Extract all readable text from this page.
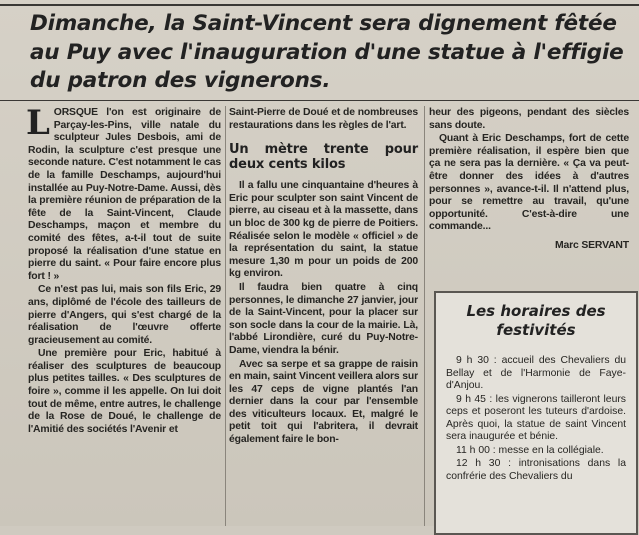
Dimanche, la Saint-Vincent sera dignement fêtée au Puy avec l'inauguration d'une statue à l'effigie du patron des vignerons.

LORSQUE l'on est originaire de Parçay-les-Pins, ville natale du sculpteur Jules Desbois, ami de Rodin, la sculpture c'est presque une seconde nature. C'est notamment le cas de la famille Deschamps, aujourd'hui installée au Puy-Notre-Dame. Aussi, dès la première réunion de préparation de la fête de la Saint-Vincent, Claude Deschamps, maçon et membre du comité des fêtes, a-t-il tout de suite proposé la réalisation d'une statue en pierre du saint. « Pour faire encore plus fort ! »

Ce n'est pas lui, mais son fils Eric, 29 ans, diplômé de l'école des tailleurs de pierre d'Angers, qui s'est chargé de la réalisation de l'œuvre offerte gracieusement au comité.

Une première pour Eric, habitué à réaliser des sculptures de beaucoup plus petites tailles. « Des sculptures de foire », comme il les appelle. On lui doit tout de même, entre autres, le challenge de la Rose de Doué, le challenge de l'Amitié des sociétés l'Avenir et

Saint-Pierre de Doué et de nombreuses restaurations dans les règles de l'art.

Un mètre trente pour deux cents kilos

Il a fallu une cinquantaine d'heures à Eric pour sculpter son saint Vincent de pierre, au ciseau et à la massette, dans un bloc de 300 kg de pierre de Poitiers. Réalisée selon le modèle « officiel » de la représentation du saint, la statue mesure 1,30 m pour un poids de 200 kg environ.

Il faudra bien quatre à cinq personnes, le dimanche 27 janvier, jour de la Saint-Vincent, pour la placer sur son socle dans la cour de la mairie. Là, l'abbé Lirondière, curé du Puy-Notre-Dame, viendra la bénir.

Avec sa serpe et sa grappe de raisin en main, saint Vincent veillera alors sur les 47 ceps de vigne plantés l'an dernier dans la cour par l'ensemble des viticulteurs locaux. Et, malgré le petit toit qui l'abritera, il devrait également faire le bon-

heur des pigeons, pendant des siècles sans doute.

Quant à Eric Deschamps, fort de cette première réalisation, il espère bien que ça ne sera pas la dernière. « Ça va peut-être donner des idées à d'autres personnes », avance-t-il. Il n'attend plus, pour se remettre au travail, qu'une opportunité. C'est-à-dire une commande...

Marc SERVANT
Les horaires des festivités

9 h 30 : accueil des Chevaliers du Bellay et de l'Harmonie de Faye-d'Anjou.

9 h 45 : les vignerons tailleront leurs ceps et poseront les tuteurs d'ardoise. Après quoi, la statue de saint Vincent sera inaugurée et bénie.

11 h 00 : messe en la collégiale.

12 h 30 : intronisations dans la confrérie des Chevaliers du
